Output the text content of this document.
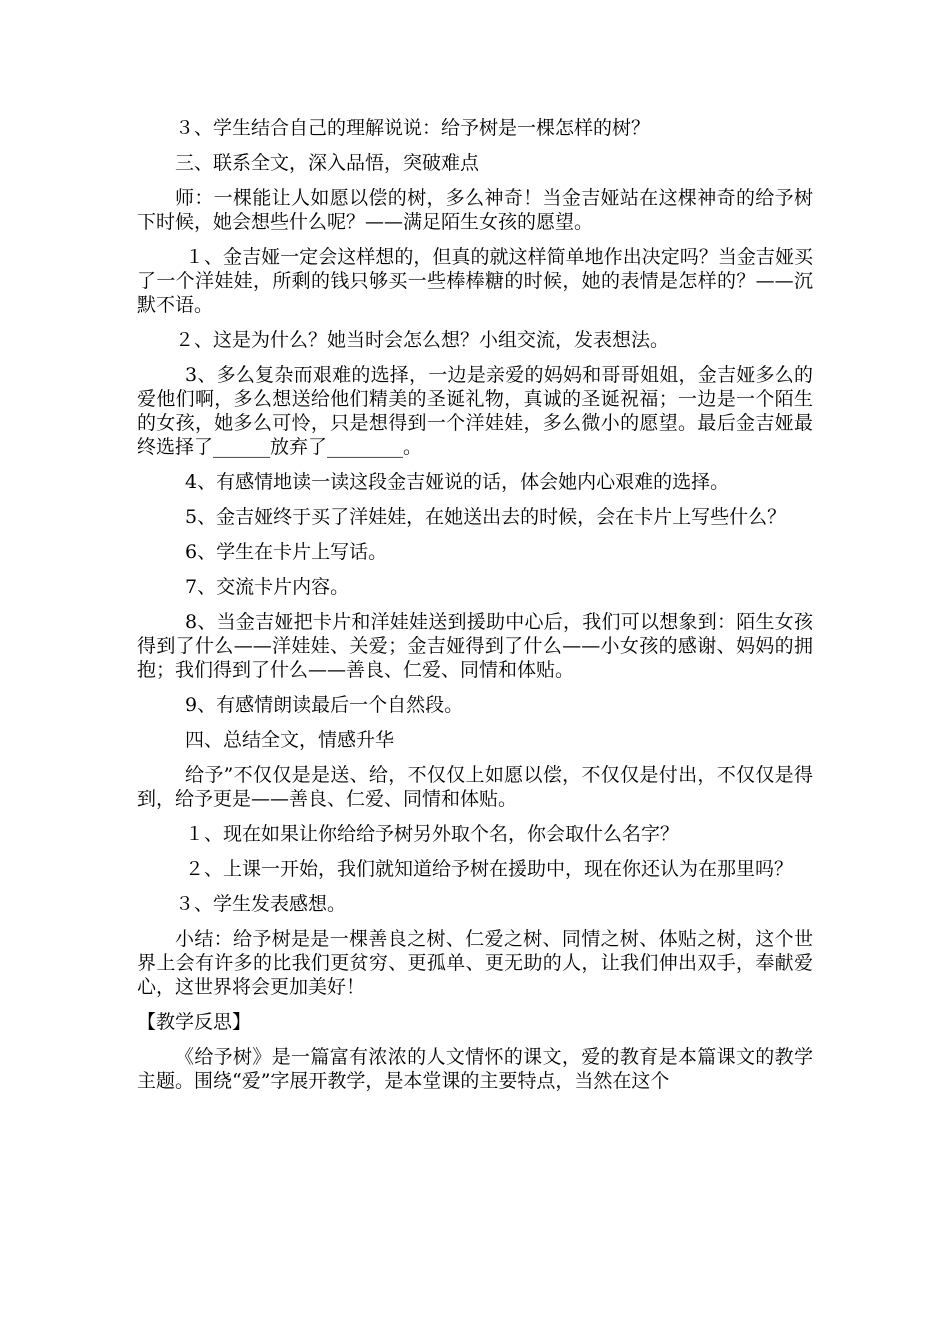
３、学生结合自己的理解说说：给予树是一棵怎样的树？

三、联系全文，深入品悟，突破难点

师：一棵能让人如愿以偿的树，多么神奇！当金吉娅站在这棵神奇的给予树下时候，她会想些什么呢？——满足陌生女孩的愿望。

１、金吉娅一定会这样想的，但真的就这样简单地作出决定吗？当金吉娅买了一个洋娃娃，所剩的钱只够买一些棒棒糖的时候，她的表情是怎样的？——沉默不语。

２、这是为什么？她当时会怎么想？小组交流，发表想法。

3、多么复杂而艰难的选择，一边是亲爱的妈妈和哥哥姐姐，金吉娅多么的爱他们啊，多么想送给他们精美的圣诞礼物，真诚的圣诞祝福；一边是一个陌生的女孩，她多么可怜，只是想得到一个洋娃娃，多么微小的愿望。最后金吉娅最终选择了______放弃了________。

4、有感情地读一读这段金吉娅说的话，体会她内心艰难的选择。

5、金吉娅终于买了洋娃娃，在她送出去的时候，会在卡片上写些什么？

6、学生在卡片上写话。

7、交流卡片内容。

8、当金吉娅把卡片和洋娃娃送到援助中心后，我们可以想象到：陌生女孩得到了什么——洋娃娃、关爱；金吉娅得到了什么——小女孩的感谢、妈妈的拥抱；我们得到了什么——善良、仁爱、同情和体贴。

9、有感情朗读最后一个自然段。

四、总结全文，情感升华

给予”不仅仅是是送、给，不仅仅上如愿以偿，不仅仅是付出，不仅仅是得到，给予更是——善良、仁爱、同情和体贴。

１、现在如果让你给给予树另外取个名，你会取什么名字？

２、上课一开始，我们就知道给予树在援助中，现在你还认为在那里吗？

３、学生发表感想。

小结：给予树是是一棵善良之树、仁爱之树、同情之树、体贴之树，这个世界上会有许多的比我们更贫穷、更孤单、更无助的人，让我们伸出双手，奉献爱心，这世界将会更加美好！

【教学反思】

《给予树》是一篇富有浓浓的人文情怀的课文，爱的教育是本篇课文的教学主题。围绕“爱”字展开教学，是本堂课的主要特点，当然在这个
